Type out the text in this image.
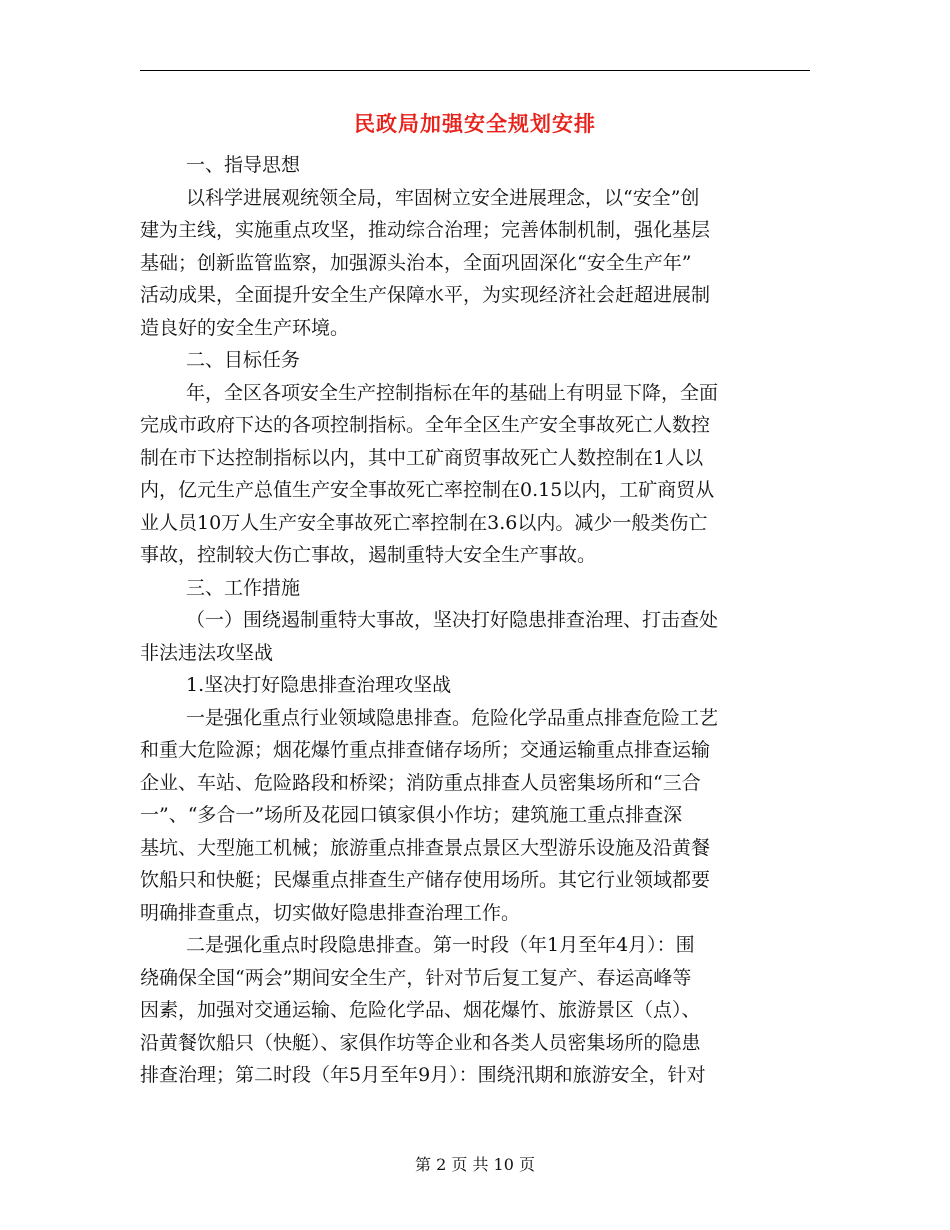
民政局加强安全规划安排
一、指导思想
以科学进展观统领全局，牢固树立安全进展理念，以“安全”创
建为主线，实施重点攻坚，推动综合治理；完善体制机制，强化基层
基础；创新监管监察，加强源头治本，全面巩固深化“安全生产年”
活动成果，全面提升安全生产保障水平，为实现经济社会赶超进展制
造良好的安全生产环境。
二、目标任务
年，全区各项安全生产控制指标在年的基础上有明显下降，全面
完成市政府下达的各项控制指标。全年全区生产安全事故死亡人数控
制在市下达控制指标以内，其中工矿商贸事故死亡人数控制在1人以
内，亿元生产总值生产安全事故死亡率控制在0.15以内，工矿商贸从
业人员10万人生产安全事故死亡率控制在3.6以内。减少一般类伤亡
事故，控制较大伤亡事故，遏制重特大安全生产事故。
三、工作措施
（一）围绕遏制重特大事故，坚决打好隐患排查治理、打击查处
非法违法攻坚战
1.坚决打好隐患排查治理攻坚战
一是强化重点行业领域隐患排查。危险化学品重点排查危险工艺
和重大危险源；烟花爆竹重点排查储存场所；交通运输重点排查运输
企业、车站、危险路段和桥梁；消防重点排查人员密集场所和“三合
一”、“多合一”场所及花园口镇家俱小作坊；建筑施工重点排查深
基坑、大型施工机械；旅游重点排查景点景区大型游乐设施及沿黄餐
饮船只和快艇；民爆重点排查生产储存使用场所。其它行业领域都要
明确排查重点，切实做好隐患排查治理工作。
二是强化重点时段隐患排查。第一时段（年1月至年4月）：围
绕确保全国“两会”期间安全生产，针对节后复工复产、春运高峰等
因素，加强对交通运输、危险化学品、烟花爆竹、旅游景区（点）、
沿黄餐饮船只（快艇）、家俱作坊等企业和各类人员密集场所的隐患
排查治理；第二时段（年5月至年9月）：围绕汛期和旅游安全，针对
第 2 页 共 10 页
